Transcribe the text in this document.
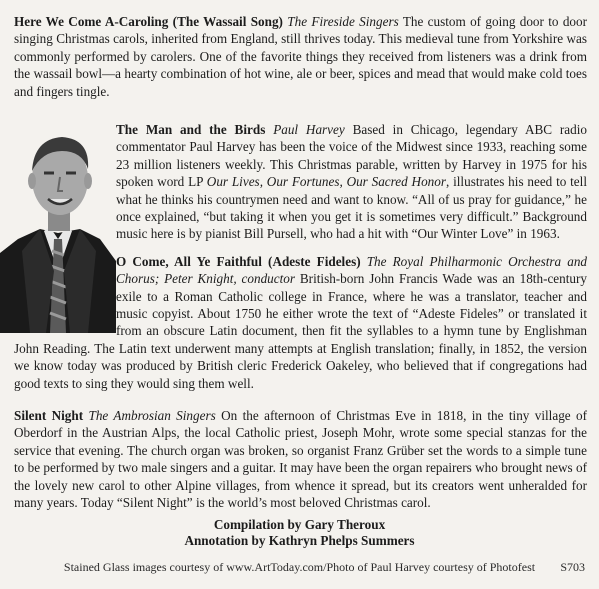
Here We Come A-Caroling (The Wassail Song) The Fireside Singers The custom of going door to door singing Christmas carols, inherited from England, still thrives today. This medieval tune from Yorkshire was commonly performed by carolers. One of the favorite things they received from listeners was a drink from the wassail bowl—a hearty combination of hot wine, ale or beer, spices and mead that would make cold toes and fingers tingle.

The Man and the Birds Paul Harvey Based in Chicago, legendary ABC radio commentator Paul Harvey has been the voice of the Midwest since 1933, reaching some 23 million listeners weekly. This Christmas parable, written by Harvey in 1975 for his spoken word LP Our Lives, Our Fortunes, Our Sacred Honor, illustrates his need to tell what he thinks his countrymen need and want to know. “All of us pray for guidance,” he once explained, “but taking it when you get it is sometimes very difficult.” Background music here is by pianist Bill Pursell, who had a hit with “Our Winter Love” in 1963.

O Come, All Ye Faithful (Adeste Fideles) The Royal Philharmonic Orchestra and Chorus; Peter Knight, conductor British-born John Francis Wade was an 18th-century exile to a Roman Catholic college in France, where he was a translator, teacher and music copyist. About 1750 he either wrote the text of “Adeste Fideles” or translated it from an obscure Latin document, then fit the syllables to a hymn tune by Englishman John Reading. The Latin text underwent many attempts at English translation; finally, in 1852, the version we know today was produced by British cleric Frederick Oakeley, who believed that if congregations had good texts to sing they would sing them well.

Silent Night The Ambrosian Singers On the afternoon of Christmas Eve in 1818, in the tiny village of Oberdorf in the Austrian Alps, the local Catholic priest, Joseph Mohr, wrote some special stanzas for the service that evening. The church organ was broken, so organist Franz Grüber set the words to a simple tune to be performed by two male singers and a guitar. It may have been the organ repairers who brought news of the lovely new carol to other Alpine villages, from whence it spread, but its creators went unheralded for many years. Today “Silent Night” is the world’s most beloved Christmas carol.

Compilation by Gary Theroux
Annotation by Kathryn Phelps Summers
Stained Glass images courtesy of www.ArtToday.com/Photo of Paul Harvey courtesy of Photofest	S703
